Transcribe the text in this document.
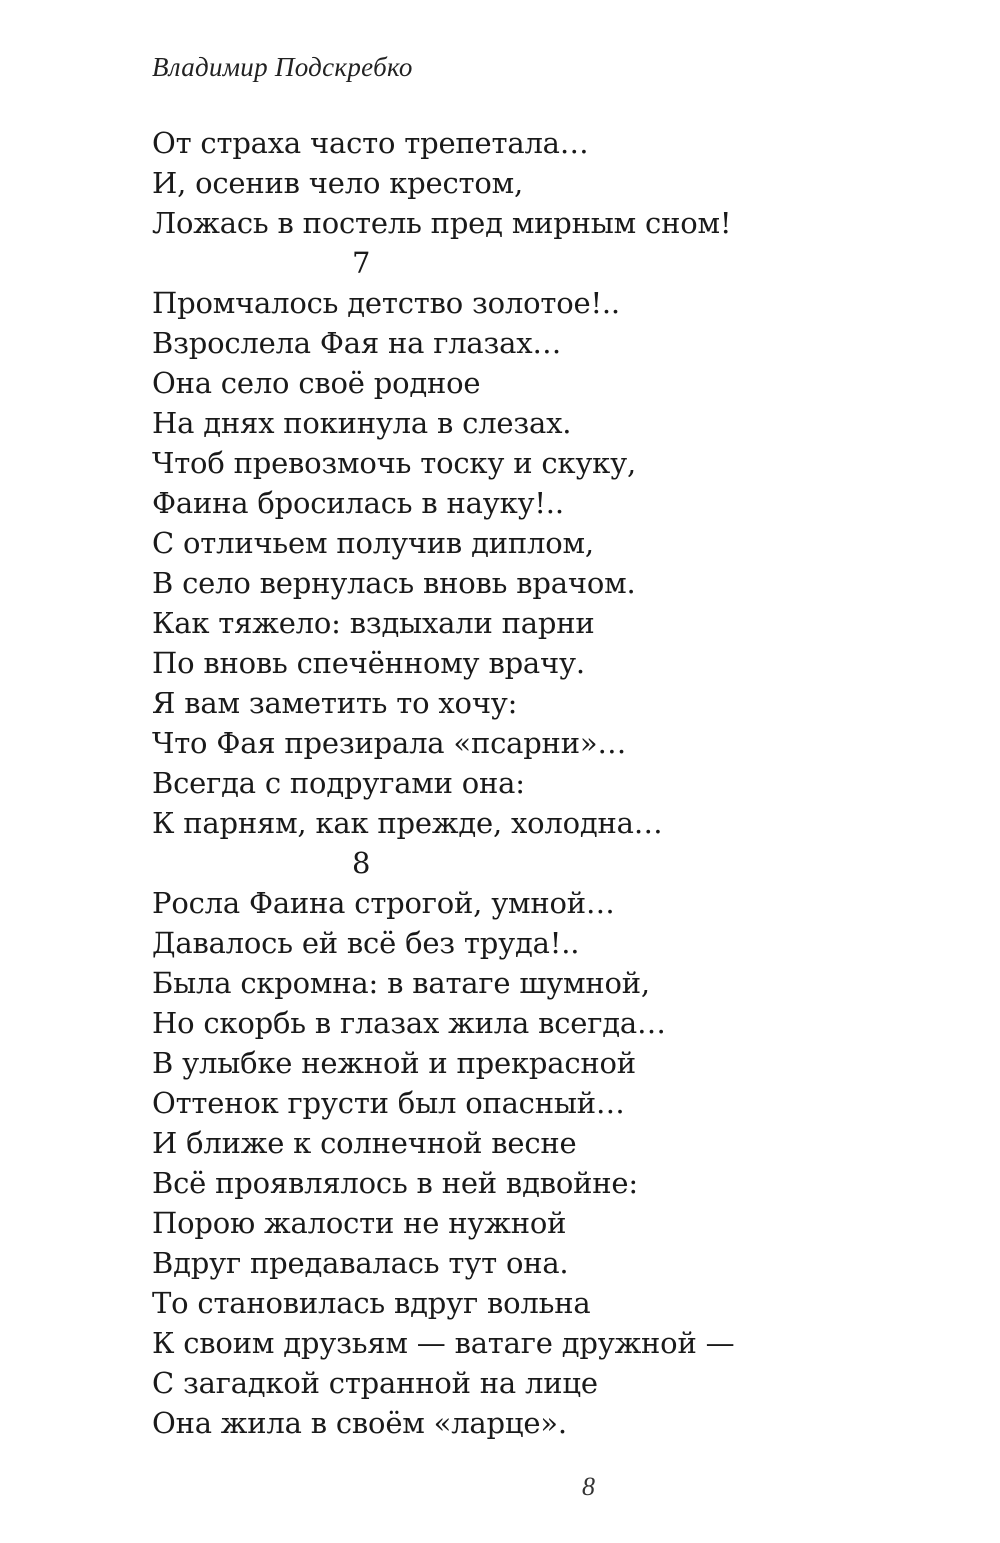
Владимир Подскребко
От страха часто трепетала…
И, осенив чело крестом,
Ложась в постель пред мирным сном!
7
Промчалось детство золотое!..
Взрослела Фая на глазах…
Она село своё родное
На днях покинула в слезах.
Чтоб превозмочь тоску и скуку,
Фаина бросилась в науку!..
С отличьем получив диплом,
В село вернулась вновь врачом.
Как тяжело: вздыхали парни
По вновь спечённому врачу.
Я вам заметить то хочу:
Что Фая презирала «псарни»…
Всегда с подругами она:
К парням, как прежде, холодна…
8
Росла Фаина строгой, умной…
Давалось ей всё без труда!..
Была скромна: в ватаге шумной,
Но скорбь в глазах жила всегда…
В улыбке нежной и прекрасной
Оттенок грусти был опасный…
И ближе к солнечной весне
Всё проявлялось в ней вдвойне:
Порою жалости не нужной
Вдруг предавалась тут она.
То становилась вдруг вольна
К своим друзьям — ватаге дружной —
С загадкой странной на лице
Она жила в своём «ларце».
8
